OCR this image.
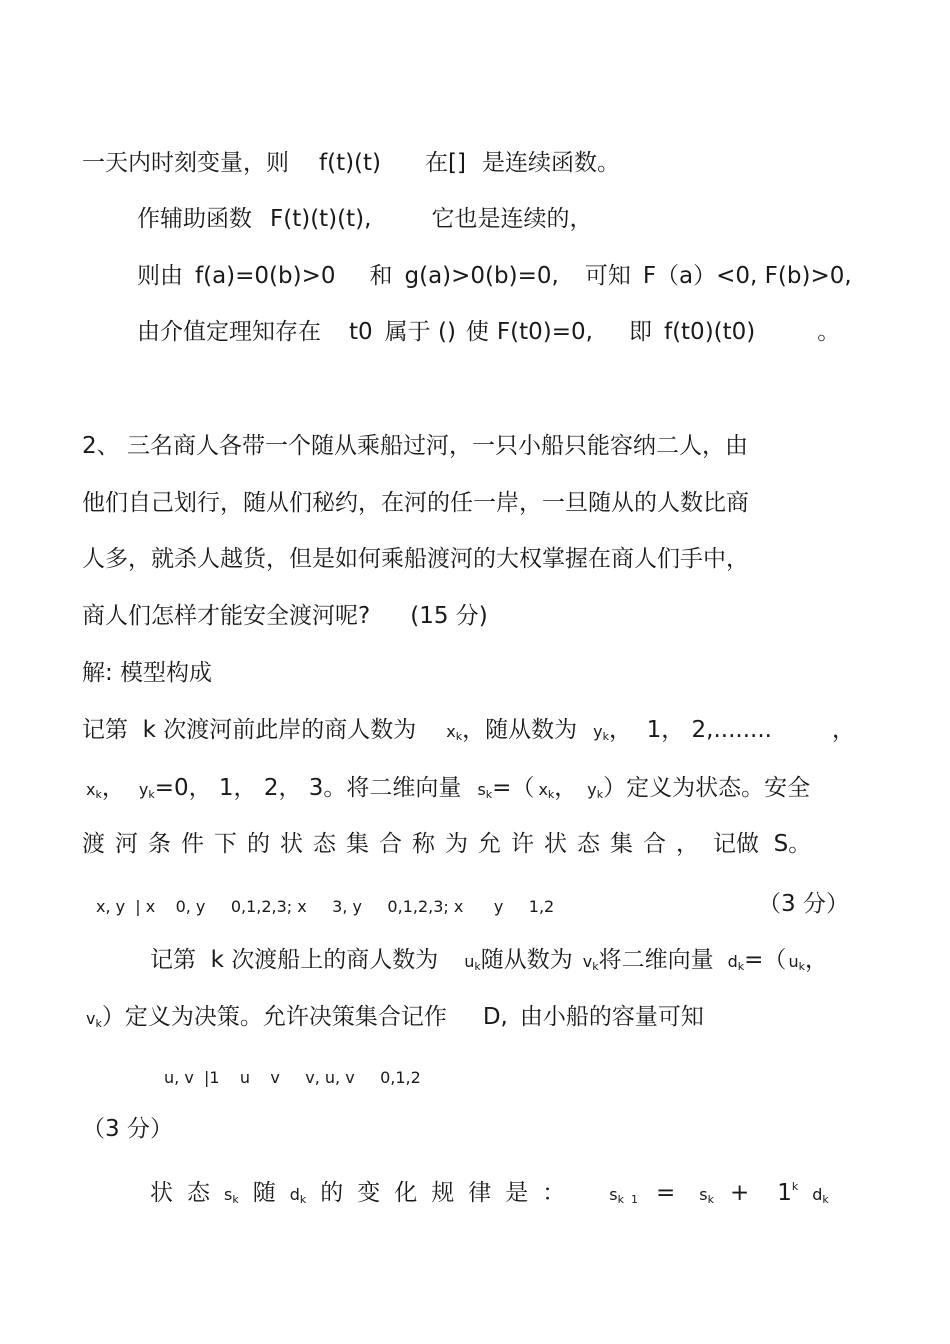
一天内时刻变量，则 f(t)(t) 在[] 是连续函数。
作辅助函数 F(t)(t)(t),	它也是连续的，
则由 f(a)=0(b)>0 和 g(a)>0(b)=0, 可知 F（a）<0, F(b)>0,
由介值定理知存在 t0 属于 () 使 F(t0)=0, 即 f(t0)(t0)	。
2、 三名商人各带一个随从乘船过河，一只小船只能容纳二人，由
他们自己划行，随从们秘约，在河的任一岸，一旦随从的人数比商
人多，就杀人越货，但是如何乘船渡河的大权掌握在商人们手中，
商人们怎样才能安全渡河呢? (15 分)
解: 模型构成
记第  k 次渡河前此岸的商人数为 xk，随从数为 yk，  1， 2,........	，
xk， yk=0， 1， 2， 3。将二维向量 sk=（ xk， yk）定义为状态。安全
渡河条件下的状态集合称为允许状态集合， 记做  S。
x, y  | x    0, y     0,1,2,3; x     3, y     0,1,2,3; x      y     1,2	（3 分）
记第  k 次渡船上的商人数为 uk随从数为 vk将二维向量 dk=（ uk，
vk）定义为决策。允许决策集合记作 D, 由小船的容量可知
u, v  |1    u    v     v, u, v     0,1,2
（3 分）
状态sk 随dk 的变化规律是： sk  1 = sk + $1^k$ dk
